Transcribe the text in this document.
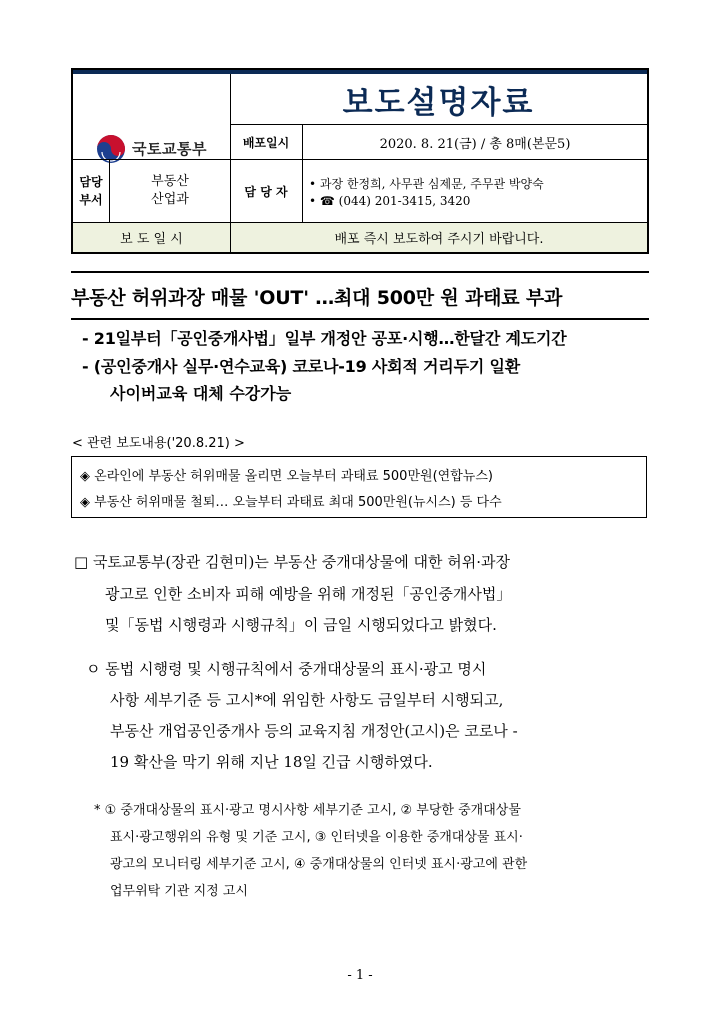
국토교통부
보도설명자료
배포일시	2020. 8. 21(금) / 총 8매(본문5)
담당
부서
부동산
산업과
담 당 자
• 과장 한정희, 사무관 심제문, 주무관 박양숙
• ☎ (044) 201-3415, 3420
보 도 일 시	배포 즉시 보도하여 주시기 바랍니다.
부동산 허위과장 매물 'OUT' …최대 500만 원 과태료 부과
- 21일부터「공인중개사법」일부 개정안 공포·시행…한달간 계도기간
- (공인중개사 실무·연수교육) 코로나-19 사회적 거리두기 일환
사이버교육 대체 수강가능
< 관련 보도내용('20.8.21) >
◈ 온라인에 부동산 허위매물 올리면 오늘부터 과태료 500만원(연합뉴스)
◈ 부동산 허위매물 철퇴… 오늘부터 과태료 최대 500만원(뉴시스) 등 다수
□ 국토교통부(장관 김현미)는 부동산 중개대상물에 대한 허위·과장
광고로 인한 소비자 피해 예방을 위해 개정된「공인중개사법」
및「동법 시행령과 시행규칙」이 금일 시행되었다고 밝혔다.
ㅇ 동법 시행령 및 시행규칙에서 중개대상물의 표시·광고 명시
사항 세부기준 등 고시*에 위임한 사항도 금일부터 시행되고,
부동산 개업공인중개사 등의 교육지침 개정안(고시)은 코로나 -
19 확산을 막기 위해 지난 18일 긴급 시행하였다.
* ① 중개대상물의 표시·광고 명시사항 세부기준 고시, ② 부당한 중개대상물
표시·광고행위의 유형 및 기준 고시, ③ 인터넷을 이용한 중개대상물 표시·
광고의 모니터링 세부기준 고시, ④ 중개대상물의 인터넷 표시·광고에 관한
업무위탁 기관 지정 고시
- 1 -
